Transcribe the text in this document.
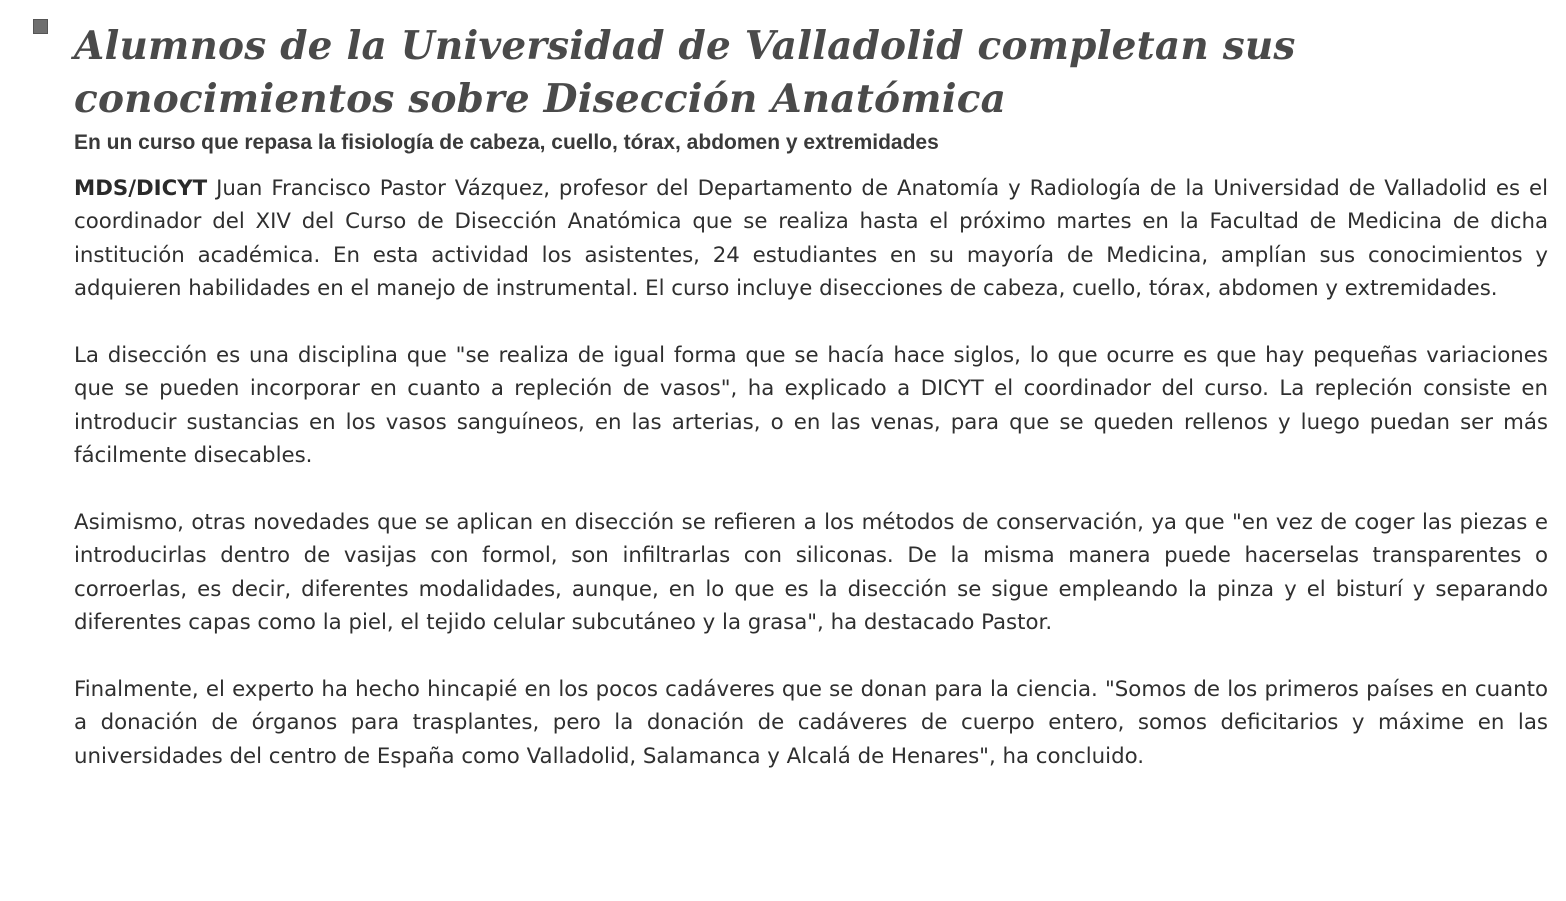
Alumnos de la Universidad de Valladolid completan sus conocimientos sobre Disección Anatómica
En un curso que repasa la fisiología de cabeza, cuello, tórax, abdomen y extremidades

MDS/DICYT Juan Francisco Pastor Vázquez, profesor del Departamento de Anatomía y Radiología de la Universidad de Valladolid es el coordinador del XIV del Curso de Disección Anatómica que se realiza hasta el próximo martes en la Facultad de Medicina de dicha institución académica. En esta actividad los asistentes, 24 estudiantes en su mayoría de Medicina, amplían sus conocimientos y adquieren habilidades en el manejo de instrumental. El curso incluye disecciones de cabeza, cuello, tórax, abdomen y extremidades.

La disección es una disciplina que "se realiza de igual forma que se hacía hace siglos, lo que ocurre es que hay pequeñas variaciones que se pueden incorporar en cuanto a repleción de vasos", ha explicado a DICYT el coordinador del curso. La repleción consiste en introducir sustancias en los vasos sanguíneos, en las arterias, o en las venas, para que se queden rellenos y luego puedan ser más fácilmente disecables.

Asimismo, otras novedades que se aplican en disección se refieren a los métodos de conservación, ya que "en vez de coger las piezas e introducirlas dentro de vasijas con formol, son infiltrarlas con siliconas. De la misma manera puede hacerselas transparentes o corroerlas, es decir, diferentes modalidades, aunque, en lo que es la disección se sigue empleando la pinza y el bisturí y separando diferentes capas como la piel, el tejido celular subcutáneo y la grasa", ha destacado Pastor.

Finalmente, el experto ha hecho hincapié en los pocos cadáveres que se donan para la ciencia. "Somos de los primeros países en cuanto a donación de órganos para trasplantes, pero la donación de cadáveres de cuerpo entero, somos deficitarios y máxime en las universidades del centro de España como Valladolid, Salamanca y Alcalá de Henares", ha concluido.
